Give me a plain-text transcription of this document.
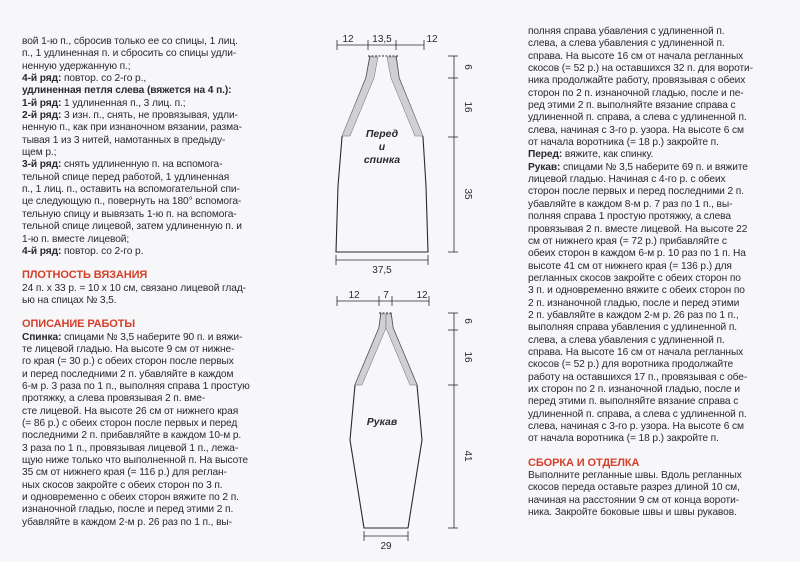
вой 1-ю п., сбросив только ее со спицы, 1 лиц.

п., 1 удлиненная п. и сбросить со спицы удли-

ненную удержанную п.;

4-й ряд: повтор. со 2-го р.,

удлиненная петля слева (вяжется на 4 п.):

1-й ряд: 1 удлиненная п., 3 лиц. п.;

2-й ряд: 3 изн. п., снять, не провязывая, удли-

ненную п., как при изнаночном вязании, разма-

тывая 1 из 3 нитей, намотанных в предыду-

щем р.;

3-й ряд: снять удлиненную п. на вспомога-

тельной спице перед работой, 1 удлиненная

п., 1 лиц. п., оставить на вспомогательной спи-

це следующую п., повернуть на 180° вспомога-

тельную спицу и вывязать 1-ю п. на вспомога-

тельной спице лицевой, затем удлиненную п. и

1-ю п. вместе лицевой;

4-й ряд: повтор. со 2-го р.

ПЛОТНОСТЬ ВЯЗАНИЯ

24 п. х 33 р. = 10 х 10 см, связано лицевой глад-

ью на спицах № 3,5.

ОПИСАНИЕ РАБОТЫ

Спинка: спицами № 3,5 наберите 90 п. и вяжи-

те лицевой гладью. На высоте 9 см от нижне-

го края (= 30 р.) с обеих сторон после первых

и перед последними 2 п. убавляйте в каждом

6-м р. 3 раза по 1 п., выполняя справа 1 простую

протяжку, а слева провязывая 2 п. вме-

сте лицевой. На высоте 26 см от нижнего края

(= 86 р.) с обеих сторон после первых и перед

последними 2 п. прибавляйте в каждом 10-м р.

3 раза по 1 п., провязывая лицевой 1 п., лежа-

щую ниже только что выполненной п. На высоте

35 см от нижнего края (= 116 р.) для реглан-

ных скосов закройте с обеих сторон по 3 п.

и одновременно с обеих сторон вяжите по 2 п.

изнаночной гладью, после и перед этими 2 п.

убавляйте в каждом 2-м р. 26 раз по 1 п., вы-

12 13,5	12
Перед
и
спинка
6
16
35
37,5
12 7	12
Рукав
6
16
41
29

полняя справа убавления с удлиненной п.

слева, а слева убавления с удлиненной п.

справа. На высоте 16 см от начала регланных

скосов (= 52 р.) на оставшихся 32 п. для вороти-

ника продолжайте работу, провязывая с обеих

сторон по 2 п. изнаночной гладью, после и пе-

ред этими 2 п. выполняйте вязание справа с

удлиненной п. справа, а слева с удлиненной п.

слева, начиная с 3-го р. узора. На высоте 6 см

от начала воротника (= 18 р.) закройте п.

Перед: вяжите, как спинку.

Рукав: спицами № 3,5 наберите 69 п. и вяжите

лицевой гладью. Начиная с 4-го р. с обеих

сторон после первых и перед последними 2 п.

убавляйте в каждом 8-м р. 7 раз по 1 п., вы-

полняя справа 1 простую протяжку, а слева

провязывая 2 п. вместе лицевой. На высоте 22

см от нижнего края (= 72 р.) прибавляйте с

обеих сторон в каждом 6-м р. 10 раз по 1 п. На

высоте 41 см от нижнего края (= 136 р.) для

регланных скосов закройте с обеих сторон по

3 п. и одновременно вяжите с обеих сторон по

2 п. изнаночной гладью, после и перед этими

2 п. убавляйте в каждом 2-м р. 26 раз по 1 п.,

выполняя справа убавления с удлиненной п.

слева, а слева убавления с удлиненной п.

справа. На высоте 16 см от начала регланных

скосов (= 52 р.) для воротника продолжайте

работу на оставшихся 17 п., провязывая с обе-

их сторон по 2 п. изнаночной гладью, после и

перед этими п. выполняйте вязание справа с

удлиненной п. справа, а слева с удлиненной п.

слева, начиная с 3-го р. узора. На высоте 6 см

от начала воротника (= 18 р.) закройте п.

СБОРКА И ОТДЕЛКА

Выполните регланные швы. Вдоль регланных

скосов переда оставьте разрез длиной 10 см,

начиная на расстоянии 9 см от конца вороти-

ника. Закройте боковые швы и швы рукавов.
